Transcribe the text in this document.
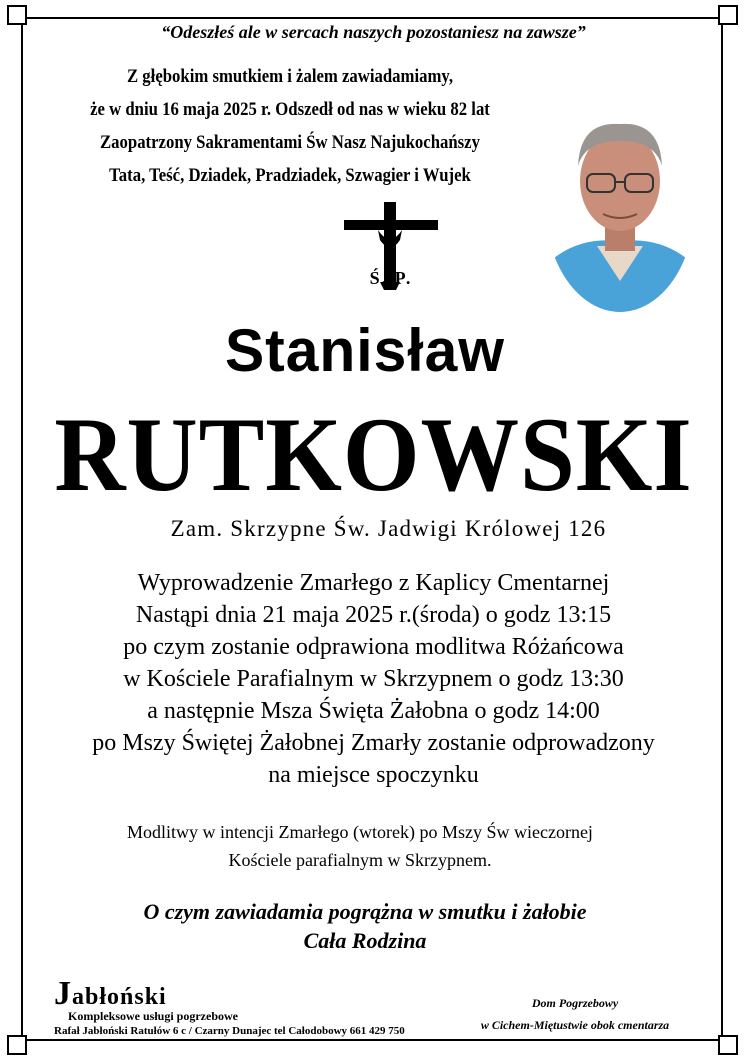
“Odeszłeś ale w sercach naszych pozostaniesz na zawsze”

Z głębokim smutkiem i żalem zawiadamiamy,
że w dniu 16 maja 2025 r. Odszedł od nas w wieku 82 lat
Zaopatrzony Sakramentami Św Nasz Najukochańszy
Tata, Teść, Dziadek, Pradziadek, Szwagier i Wujek

Ś. P.

Stanisław

RUTKOWSKI

Zam. Skrzypne Św. Jadwigi Królowej 126

Wyprowadzenie Zmarłego z Kaplicy Cmentarnej
Nastąpi dnia 21 maja 2025 r.(środa) o godz 13:15
po czym zostanie odprawiona modlitwa Różańcowa
w Kościele Parafialnym w Skrzypnem o godz 13:30
a następnie Msza Święta Żałobna o godz 14:00
po Mszy Świętej Żałobnej Zmarły zostanie odprowadzony
na miejsce spoczynku
Modlitwy w intencji Zmarłego (wtorek) po Mszy Św wieczornej
Kościele parafialnym w Skrzypnem.
O czym zawiadamia pogrążna w smutku i żałobie
Cała Rodzina
Jabłoński
Kompleksowe usługi pogrzebowe
Rafał Jabłoński Ratułów 6 c / Czarny Dunajec tel Całodobowy 661 429 750
Dom Pogrzebowy
w Cichem-Miętustwie obok cmentarza
